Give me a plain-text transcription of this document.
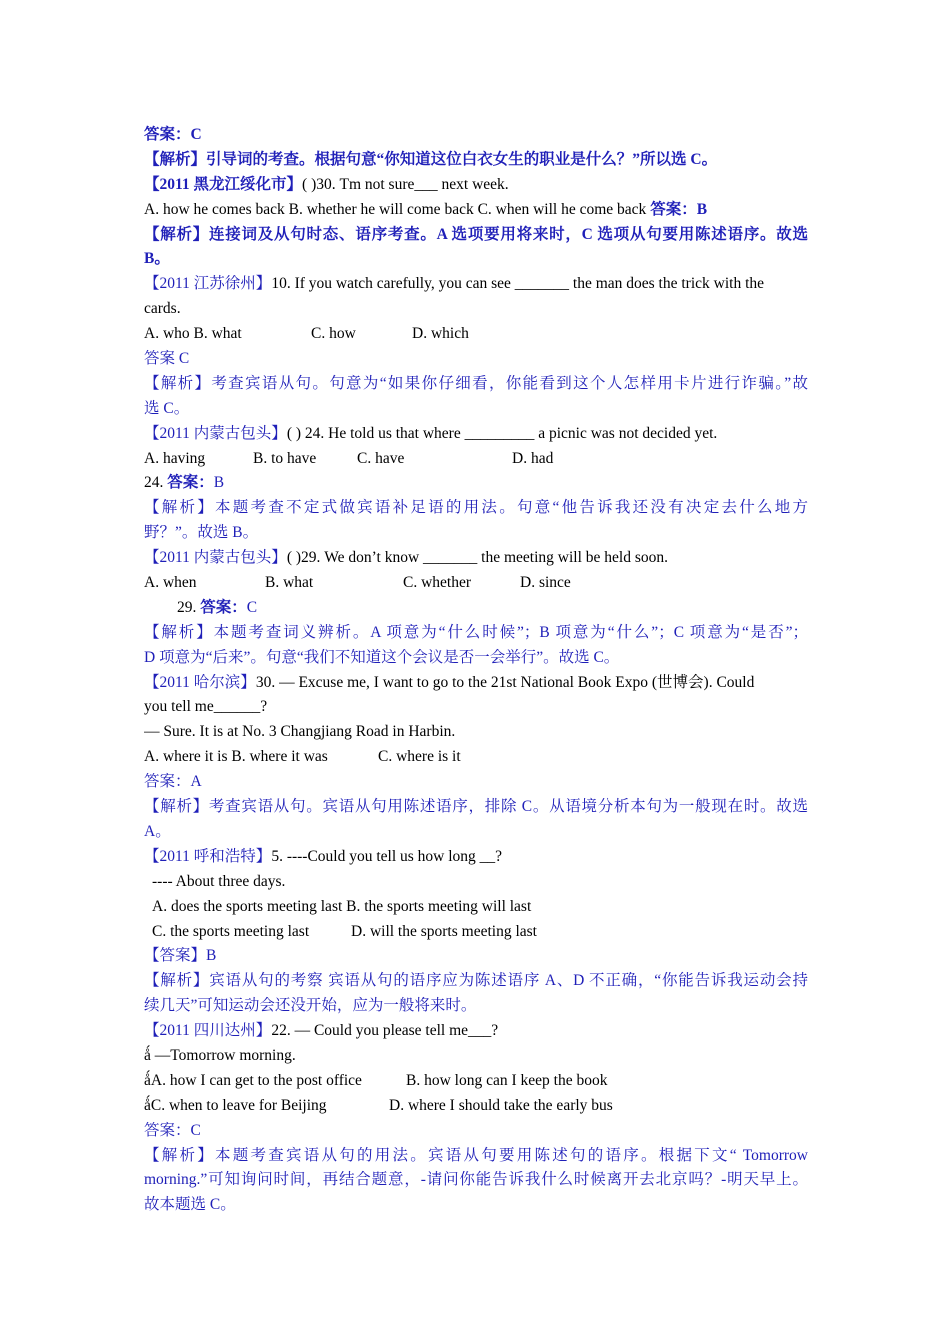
答案：C
【解析】引导词的考查。根据句意“你知道这位白衣女生的职业是什么？”所以选 C。
【2011 黑龙江绥化市】( )30. Tm not sure___ next week.
A. how he comes back B. whether he will come back C. when will he come back 答案：B
【解析】连接词及从句时态、语序考查。A 选项要用将来时，C 选项从句要用陈述语序。故选
B。
【2011 江苏徐州】10. If you watch carefully, you can see _______ the man does the trick with the
cards.
A. who B. what	C. how	D. which
答案 C
【解析】考查宾语从句。句意为“如果你仔细看，你能看到这个人怎样用卡片进行诈骗。”故
选 C。
【2011 内蒙古包头】( ) 24. He told us that where _________ a picnic was not decided yet.
A. having	B. to have	C. have	D. had
24. 答案：B
【解析】本题考查不定式做宾语补足语的用法。句意“他告诉我还没有决定去什么地方
野？”。故选 B。
【2011 内蒙古包头】( )29. We don’t know _______ the meeting will be held soon.
A. when	B. what	C. whether	D. since
29. 答案：C
【解析】本题考查词义辨析。A 项意为“什么时候”；B 项意为“什么”；C 项意为“是否”；
D 项意为“后来”。句意“我们不知道这个会议是否一会举行”。故选 C。
【2011 哈尔滨】30. — Excuse me, I want to go to the 21st National Book Expo (世博会). Could
you tell me______?
— Sure. It is at No. 3 Changjiang Road in Harbin.
A. where it is B. where it was	C. where is it
答案：A
【解析】考查宾语从句。宾语从句用陈述语序，排除 C。从语境分析本句为一般现在时。故选
A。
【2011 呼和浩特】5. ----Could you tell us how long __?
---- About three days.
A. does the sports meeting last B. the sports meeting will last
C. the sports meeting last	D. will the sports meeting last
【答案】B
【解析】宾语从句的考察 宾语从句的语序应为陈述语序 A、D 不正确，“你能告诉我运动会持
续几天”可知运动会还没开始，应为一般将来时。
【2011 四川达州】22. — Could you please tell me___?
ǻ —Tomorrow morning.
ǻA. how I can get to the post office	B. how long can I keep the book
ǻC. when to leave for Beijing	D. where I should take the early bus
答案：C
【解析】本题考查宾语从句的用法。宾语从句要用陈述句的语序。根据下文“ Tomorrow
morning.”可知询问时间，再结合题意，-请问你能告诉我什么时候离开去北京吗？-明天早上。
故本题选 C。
